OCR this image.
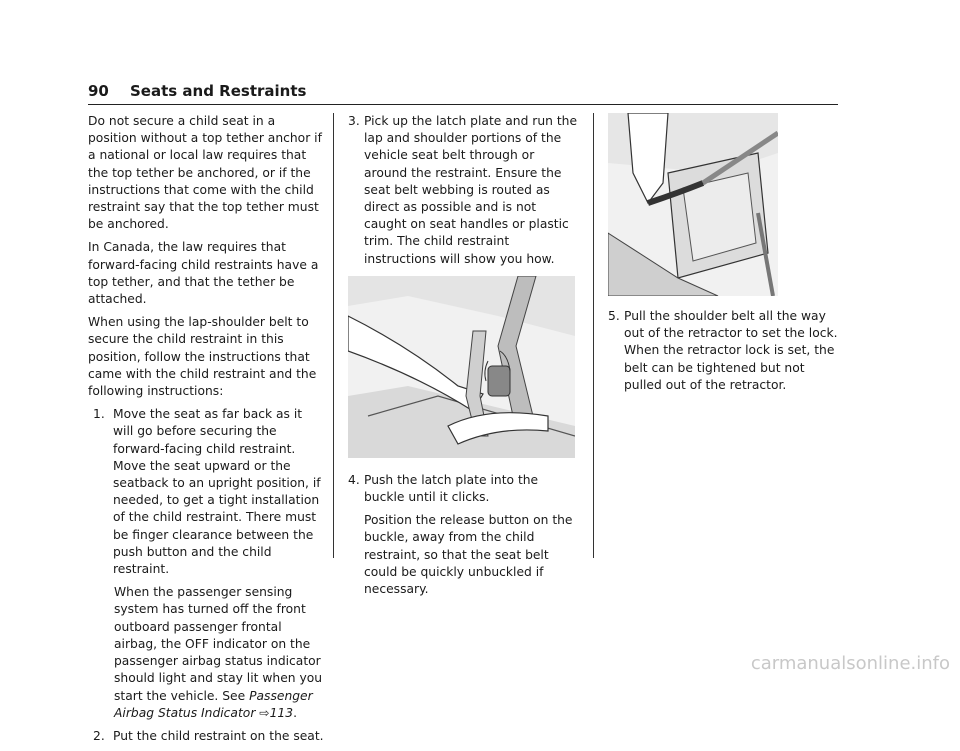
90 Seats and Restraints

Do not secure a child seat in a position without a top tether anchor if a national or local law requires that the top tether be anchored, or if the instructions that come with the child restraint say that the top tether must be anchored.

In Canada, the law requires that forward-facing child restraints have a top tether, and that the tether be attached.

When using the lap-shoulder belt to secure the child restraint in this position, follow the instructions that came with the child restraint and the following instructions:

1. Move the seat as far back as it will go before securing the forward-facing child restraint. Move the seat upward or the seatback to an upright position, if needed, to get a tight installation of the child restraint. There must be finger clearance between the push button and the child restraint.

When the passenger sensing system has turned off the front outboard passenger frontal airbag, the OFF indicator on the passenger airbag status indicator should light and stay lit when you start the vehicle. See Passenger Airbag Status Indicator ⇨113.

2. Put the child restraint on the seat.
3. Pick up the latch plate and run the lap and shoulder portions of the vehicle seat belt through or around the restraint. Ensure the seat belt webbing is routed as direct as possible and is not caught on seat handles or plastic trim. The child restraint instructions will show you how.
4. Push the latch plate into the buckle until it clicks.

Position the release button on the buckle, away from the child restraint, so that the seat belt could be quickly unbuckled if necessary.

5. Pull the shoulder belt all the way out of the retractor to set the lock. When the retractor lock is set, the belt can be tightened but not pulled out of the retractor.
carmanualsonline.info
